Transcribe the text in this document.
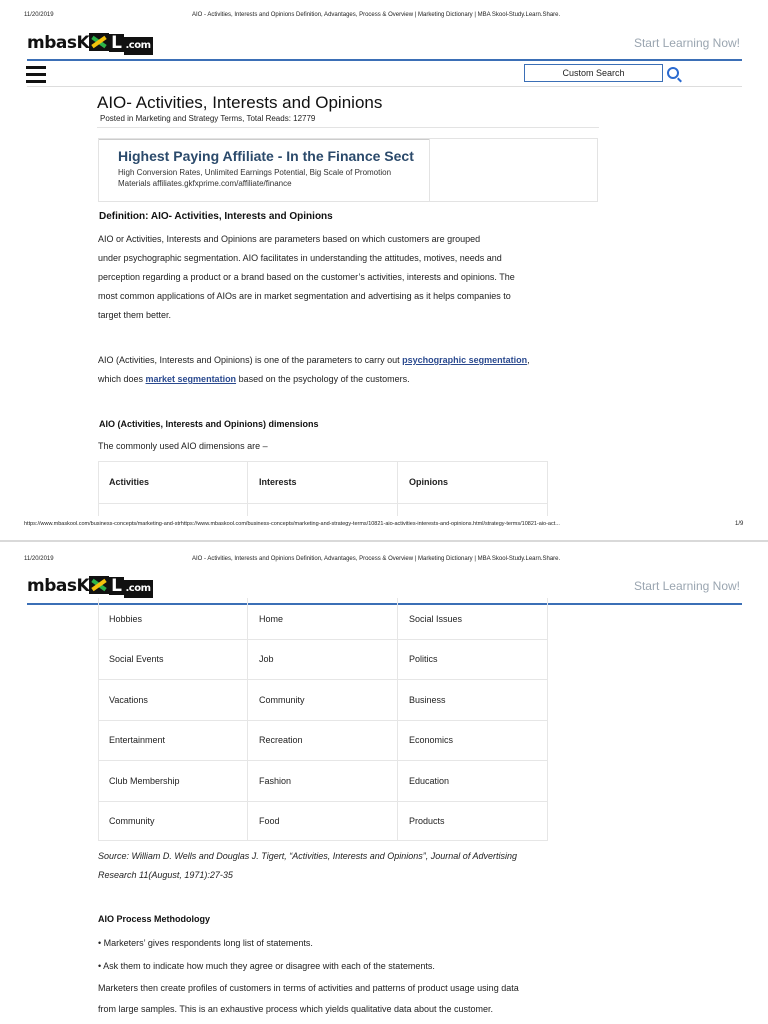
11/20/2019	AIO - Activities, Interests and Opinions Definition, Advantages, Process & Overview | Marketing Dictionary | MBA Skool-Study.Learn.Share.
mbasK L .com	Start Learning Now!
Custom Search
AIO- Activities, Interests and Opinions
Posted in Marketing and Strategy Terms, Total Reads: 12779
Highest Paying Affiliate - In the Finance Sect
High Conversion Rates, Unlimited Earnings Potential, Big Scale of Promotion
Materials affiliates.gkfxprime.com/affiliate/finance
Definition: AIO- Activities, Interests and Opinions
AIO or Activities, Interests and Opinions are parameters based on which customers are grouped
under psychographic segmentation. AIO facilitates in understanding the attitudes, motives, needs and
perception regarding a product or a brand based on the customer’s activities, interests and opinions. The
most common applications of AIOs are in market segmentation and advertising as it helps companies to
target them better.
AIO (Activities, Interests and Opinions) is one of the parameters to carry out psychographic segmentation,
which does market segmentation based on the psychology of the customers.
AIO (Activities, Interests and Opinions) dimensions
The commonly used AIO dimensions are –
Activities	Interests	Opinions
https://www.mbaskool.com/business-concepts/marketing-and-strhttps://www.mbaskool.com/business-concepts/marketing-and-strategy-terms/10821-aio-activities-interests-and-opinions.html/strategy-terms/10821-aio-act...	1/9
11/20/2019	AIO - Activities, Interests and Opinions Definition, Advantages, Process & Overview | Marketing Dictionary | MBA Skool-Study.Learn.Share.
mbasK L .com	Start Learning Now!
Hobbies	Home	Social Issues
Social Events	Job	Politics
Vacations	Community	Business
Entertainment	Recreation	Economics
Club Membership	Fashion	Education
Community	Food	Products
Source: William D. Wells and Douglas J. Tigert, “Activities, Interests and Opinions”, Journal of Advertising
Research 11(August, 1971):27-35
AIO Process Methodology
• Marketers’ gives respondents long list of statements.
• Ask them to indicate how much they agree or disagree with each of the statements.
Marketers then create profiles of customers in terms of activities and patterns of product usage using data
from large samples. This is an exhaustive process which yields qualitative data about the customer.
